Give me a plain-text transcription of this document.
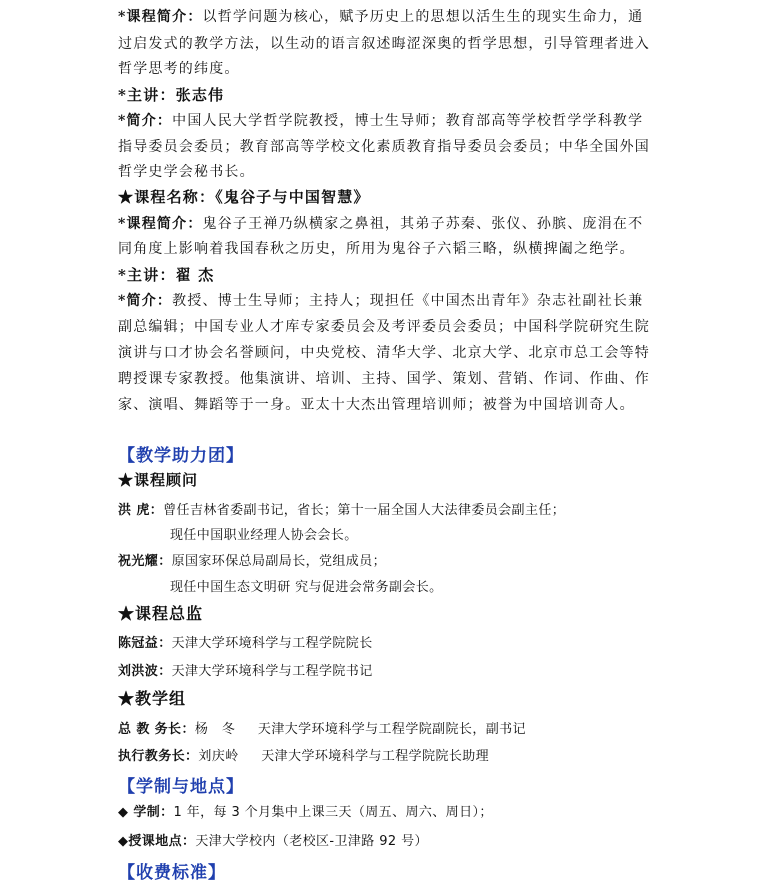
*课程简介：以哲学问题为核心，赋予历史上的思想以活生生的现实生命力，通
过启发式的教学方法，以生动的语言叙述晦涩深奥的哲学思想，引导管理者进入
哲学思考的纬度。
*主讲：张志伟
*简介：中国人民大学哲学院教授，博士生导师；教育部高等学校哲学学科教学
指导委员会委员；教育部高等学校文化素质教育指导委员会委员；中华全国外国
哲学史学会秘书长。
★课程名称：《鬼谷子与中国智慧》
*课程简介：鬼谷子王禅乃纵横家之鼻祖，其弟子苏秦、张仪、孙膑、庞涓在不
同角度上影响着我国春秋之历史，所用为鬼谷子六韬三略，纵横捭阖之绝学。
*主讲：翟 杰
*简介：教授、博士生导师；主持人；现担任《中国杰出青年》杂志社副社长兼
副总编辑；中国专业人才库专家委员会及考评委员会委员；中国科学院研究生院
演讲与口才协会名誉顾问，中央党校、清华大学、北京大学、北京市总工会等特
聘授课专家教授。他集演讲、培训、主持、国学、策划、营销、作词、作曲、作
家、演唱、舞蹈等于一身。亚太十大杰出管理培训师；被誉为中国培训奇人。
【教学助力团】
★课程顾问
洪 虎：曾任吉林省委副书记，省长；第十一届全国人大法律委员会副主任；
现任中国职业经理人协会会长。
祝光耀：原国家环保总局副局长，党组成员；
现任中国生态文明研 究与促进会常务副会长。
★课程总监
陈冠益：天津大学环境科学与工程学院院长
刘洪波：天津大学环境科学与工程学院书记
★教学组
总 教 务长：杨   冬     天津大学环境科学与工程学院副院长，副书记
执行教务长：刘庆岭     天津大学环境科学与工程学院院长助理
【学制与地点】
◆ 学制：1 年，每 3 个月集中上课三天（周五、周六、周日）；
◆授课地点：天津大学校内（老校区-卫津路 92 号）
【收费标准】
